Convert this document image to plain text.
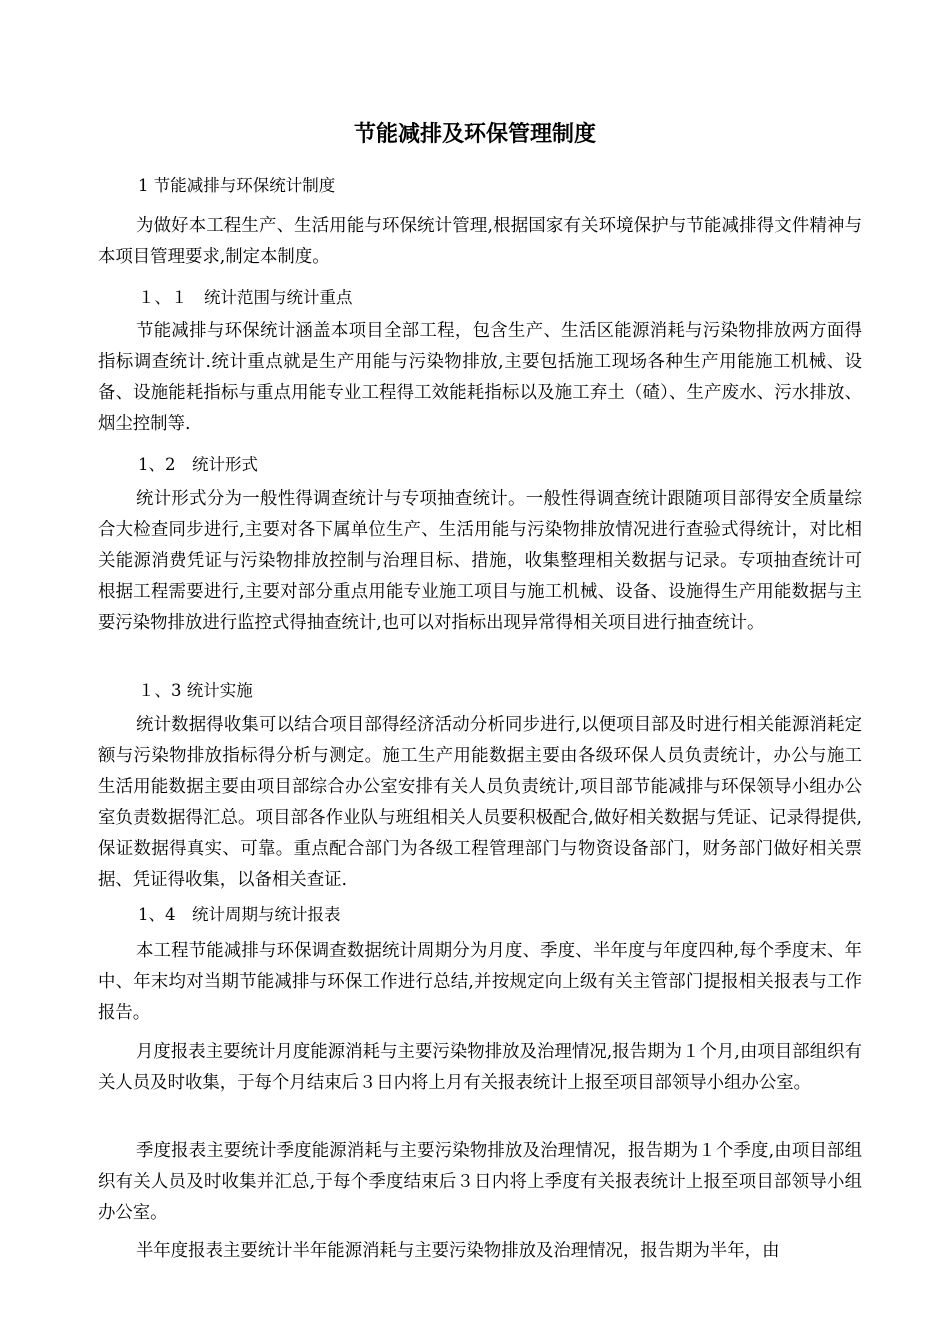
节能减排及环保管理制度
1 节能减排与环保统计制度
为做好本工程生产、生活用能与环保统计管理,根据国家有关环境保护与节能减排得文件精神与本项目管理要求,制定本制度。
１、１　统计范围与统计重点
节能减排与环保统计涵盖本项目全部工程，包含生产、生活区能源消耗与污染物排放两方面得指标调查统计.统计重点就是生产用能与污染物排放,主要包括施工现场各种生产用能施工机械、设备、设施能耗指标与重点用能专业工程得工效能耗指标以及施工弃土（碴）、生产废水、污水排放、烟尘控制等.
1、2　统计形式
统计形式分为一般性得调查统计与专项抽查统计。一般性得调查统计跟随项目部得安全质量综合大检查同步进行,主要对各下属单位生产、生活用能与污染物排放情况进行查验式得统计，对比相关能源消费凭证与污染物排放控制与治理目标、措施，收集整理相关数据与记录。专项抽查统计可根据工程需要进行,主要对部分重点用能专业施工项目与施工机械、设备、设施得生产用能数据与主要污染物排放进行监控式得抽查统计,也可以对指标出现异常得相关项目进行抽查统计。
１、3 统计实施
统计数据得收集可以结合项目部得经济活动分析同步进行,以便项目部及时进行相关能源消耗定额与污染物排放指标得分析与测定。施工生产用能数据主要由各级环保人员负责统计，办公与施工生活用能数据主要由项目部综合办公室安排有关人员负责统计,项目部节能减排与环保领导小组办公室负责数据得汇总。项目部各作业队与班组相关人员要积极配合,做好相关数据与凭证、记录得提供,保证数据得真实、可靠。重点配合部门为各级工程管理部门与物资设备部门，财务部门做好相关票据、凭证得收集，以备相关查证.
1、4　统计周期与统计报表
本工程节能减排与环保调查数据统计周期分为月度、季度、半年度与年度四种,每个季度末、年中、年末均对当期节能减排与环保工作进行总结,并按规定向上级有关主管部门提报相关报表与工作报告。
月度报表主要统计月度能源消耗与主要污染物排放及治理情况,报告期为１个月,由项目部组织有关人员及时收集，于每个月结束后３日内将上月有关报表统计上报至项目部领导小组办公室。
季度报表主要统计季度能源消耗与主要污染物排放及治理情况，报告期为１个季度,由项目部组织有关人员及时收集并汇总,于每个季度结束后３日内将上季度有关报表统计上报至项目部领导小组办公室。
半年度报表主要统计半年能源消耗与主要污染物排放及治理情况，报告期为半年，由
